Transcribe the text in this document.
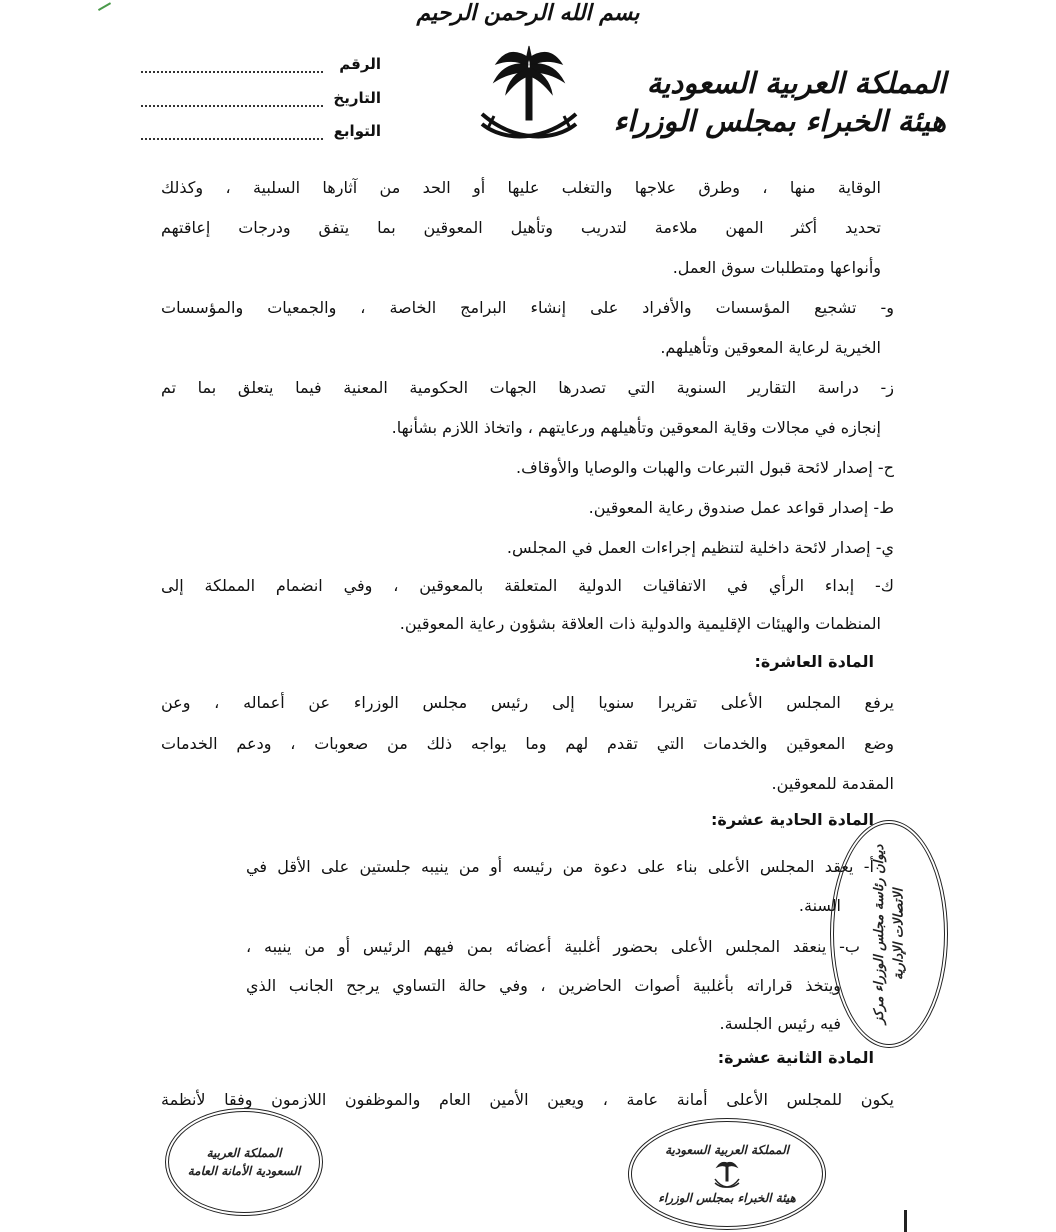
بسم الله الرحمن الرحيم
المملكة العربية السعودية
هيئة الخبراء بمجلس الوزراء
الرقم
التاريخ
التوابع
الوقاية منها ، وطرق علاجها والتغلب عليها أو الحد من آثارها السلبية ، وكذلك
تحديد أكثر المهن ملاءمة لتدريب وتأهيل المعوقين بما يتفق ودرجات إعاقتهم
وأنواعها ومتطلبات سوق العمل.
و- تشجيع المؤسسات والأفراد على إنشاء البرامج الخاصة ، والجمعيات والمؤسسات
الخيرية لرعاية المعوقين وتأهيلهم.
ز- دراسة التقارير السنوية التي تصدرها الجهات الحكومية المعنية فيما يتعلق بما تم
إنجازه في مجالات وقاية المعوقين وتأهيلهم ورعايتهم ، واتخاذ اللازم بشأنها.
ح- إصدار لائحة قبول التبرعات والهبات والوصايا والأوقاف.
ط- إصدار قواعد عمل صندوق رعاية المعوقين.
ي- إصدار لائحة داخلية لتنظيم إجراءات العمل في المجلس.
ك- إبداء الرأي في الاتفاقيات الدولية المتعلقة بالمعوقين ، وفي انضمام المملكة إلى
المنظمات والهيئات الإقليمية والدولية ذات العلاقة بشؤون رعاية المعوقين.
المادة العاشرة:
يرفع المجلس الأعلى تقريرا سنويا إلى رئيس مجلس الوزراء عن أعماله ، وعن
وضع المعوقين والخدمات التي تقدم لهم وما يواجه ذلك من صعوبات ، ودعم الخدمات
المقدمة للمعوقين.
المادة الحادية عشرة:
أ- يعقد المجلس الأعلى بناء على دعوة من رئيسه أو من ينيبه جلستين على الأقل في
السنة.
ب- ينعقد المجلس الأعلى بحضور أغلبية أعضائه بمن فيهم الرئيس أو من ينيبه ،
ويتخذ قراراته بأغلبية أصوات الحاضرين ، وفي حالة التساوي يرجح الجانب الذي
فيه رئيس الجلسة.
المادة الثانية عشرة:
يكون للمجلس الأعلى أمانة عامة ، ويعين الأمين العام والموظفون اللازمون وفقا لأنظمة
ديوان رئاسة مجلس الوزراء مركز الاتصالات الإدارية
المملكة العربية السعودية الأمانة العامة
المملكة العربية السعودية
هيئة الخبراء بمجلس الوزراء
